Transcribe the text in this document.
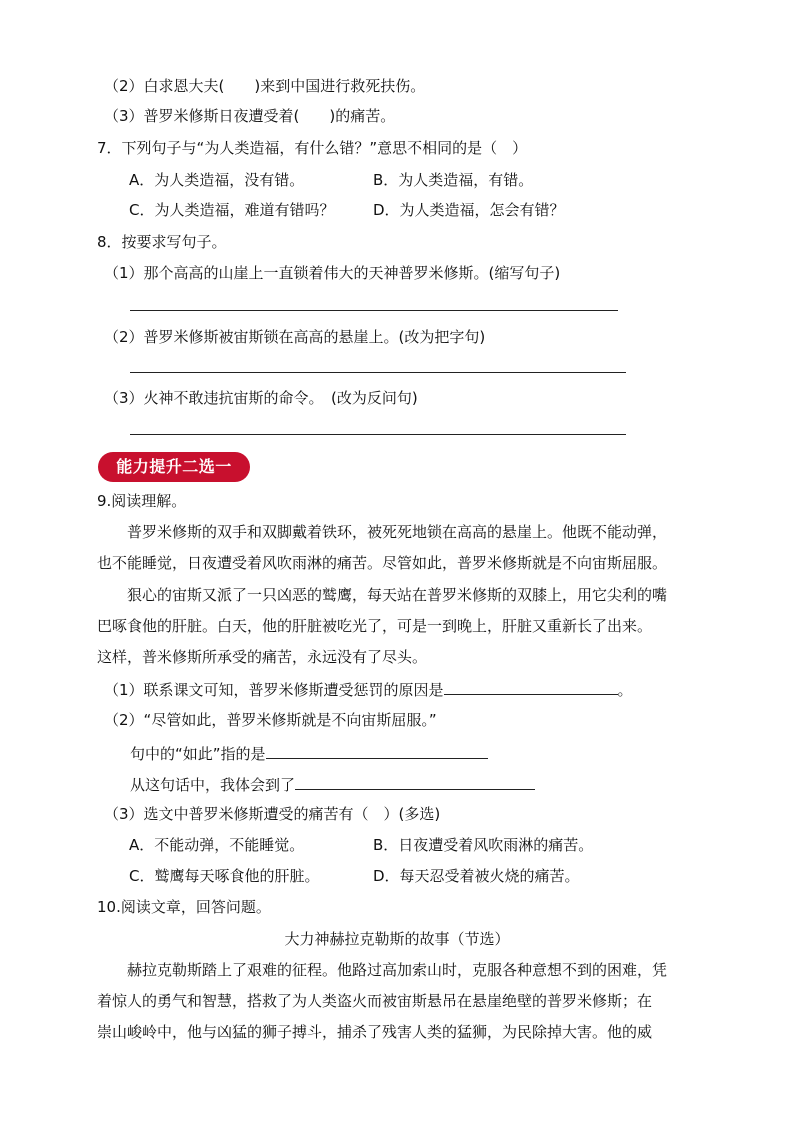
（2）白求恩大夫(　　)来到中国进行救死扶伤。
（3）普罗米修斯日夜遭受着(　　)的痛苦。
7．下列句子与“为人类造福，有什么错？”意思不相同的是（　）
A．为人类造福，没有错。	B．为人类造福，有错。
C．为人类造福，难道有错吗？	D．为人类造福，怎会有错？
8．按要求写句子。
（1）那个高高的山崖上一直锁着伟大的天神普罗米修斯。(缩写句子)
（2）普罗米修斯被宙斯锁在高高的悬崖上。(改为把字句)
（3）火神不敢违抗宙斯的命令。　(改为反问句)
能力提升二选一
9.阅读理解。
普罗米修斯的双手和双脚戴着铁环，被死死地锁在高高的悬崖上。他既不能动弹，
也不能睡觉，日夜遭受着风吹雨淋的痛苦。尽管如此，普罗米修斯就是不向宙斯屈服。
狠心的宙斯又派了一只凶恶的鹫鹰，每天站在普罗米修斯的双膝上，用它尖利的嘴
巴啄食他的肝脏。白天，他的肝脏被吃光了，可是一到晚上，肝脏又重新长了出来。
这样，普米修斯所承受的痛苦，永远没有了尽头。
（1）联系课文可知，普罗米修斯遭受惩罚的原因是	。
（2）“尽管如此，普罗米修斯就是不向宙斯屈服。”
句中的“如此”指的是
从这句话中，我体会到了
（3）选文中普罗米修斯遭受的痛苦有（　）(多选)
A．不能动弹，不能睡觉。	B．日夜遭受着风吹雨淋的痛苦。
C．鹫鹰每天啄食他的肝脏。	D．每天忍受着被火烧的痛苦。
10.阅读文章，回答问题。
大力神赫拉克勒斯的故事（节选）
赫拉克勒斯踏上了艰难的征程。他路过高加索山时，克服各种意想不到的困难，凭
着惊人的勇气和智慧，搭救了为人类盗火而被宙斯悬吊在悬崖绝壁的普罗米修斯；在
崇山峻岭中，他与凶猛的狮子搏斗，捕杀了残害人类的猛狮，为民除掉大害。他的威
